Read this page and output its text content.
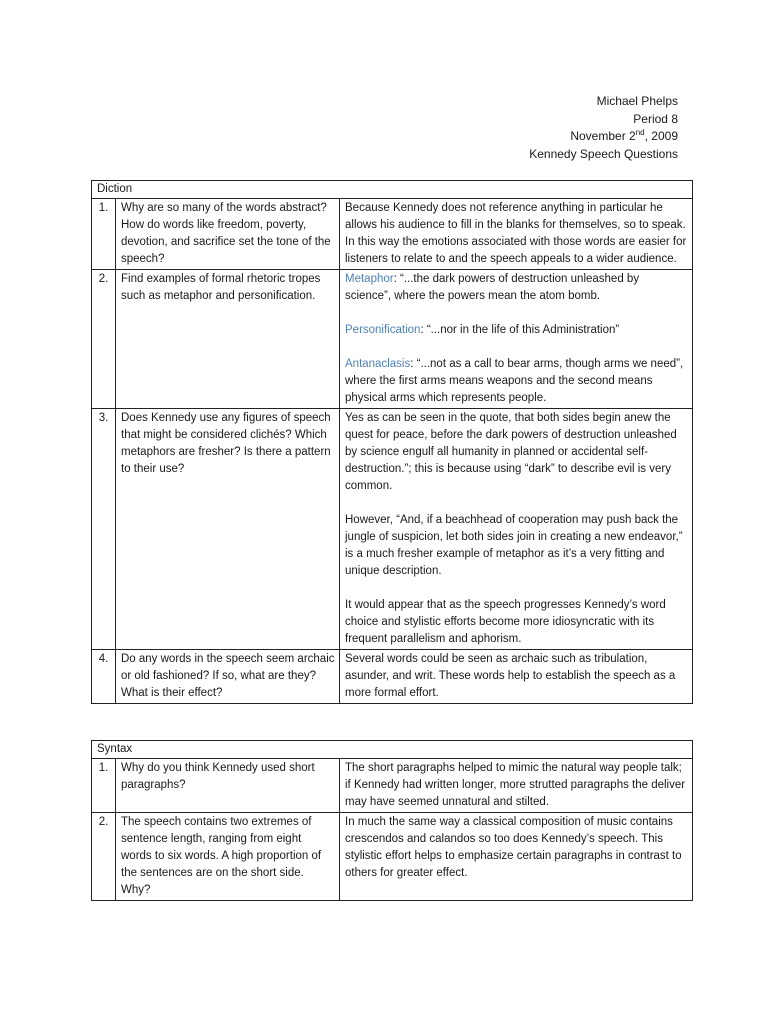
Michael Phelps
Period 8
November 2nd, 2009
Kennedy Speech Questions
Diction		
1.	Why are so many of the words abstract? How do words like freedom, poverty, devotion, and sacrifice set the tone of the speech?	Because Kennedy does not reference anything in particular he allows his audience to fill in the blanks for themselves, so to speak. In this way the emotions associated with those words are easier for listeners to relate to and the speech appeals to a wider audience.

2.	Find examples of formal rhetoric tropes such as metaphor and personification.	Metaphor: “...the dark powers of destruction unleashed by science”, where the powers mean the atom bomb.

Personification: “...nor in the life of this Administration”

Antanaclasis: “...not as a call to bear arms, though arms we need”, where the first arms means weapons and the second means physical arms which represents people.

3.	Does Kennedy use any figures of speech that might be considered clichés? Which metaphors are fresher? Is there a pattern to their use?	Yes as can be seen in the quote, that both sides begin anew the quest for peace, before the dark powers of destruction unleashed by science engulf all humanity in planned or accidental self-destruction.”; this is because using “dark” to describe evil is very common.

However, “And, if a beachhead of cooperation may push back the jungle of suspicion, let both sides join in creating a new endeavor,” is a much fresher example of metaphor as it’s a very fitting and unique description.

It would appear that as the speech progresses Kennedy’s word choice and stylistic efforts become more idiosyncratic with its frequent parallelism and aphorism.

4.	Do any words in the speech seem archaic or old fashioned? If so, what are they? What is their effect?	Several words could be seen as archaic such as tribulation, asunder, and writ. These words help to establish the speech as a more formal effort.

Syntax		
1.	Why do you think Kennedy used short paragraphs?	The short paragraphs helped to mimic the natural way people talk; if Kennedy had written longer, more strutted paragraphs the deliver may have seemed unnatural and stilted.

2.	The speech contains two extremes of sentence length, ranging from eight words to six words. A high proportion of the sentences are on the short side. Why?	In much the same way a classical composition of music contains crescendos and calandos so too does Kennedy’s speech. This stylistic effort helps to emphasize certain paragraphs in contrast to others for greater effect.
